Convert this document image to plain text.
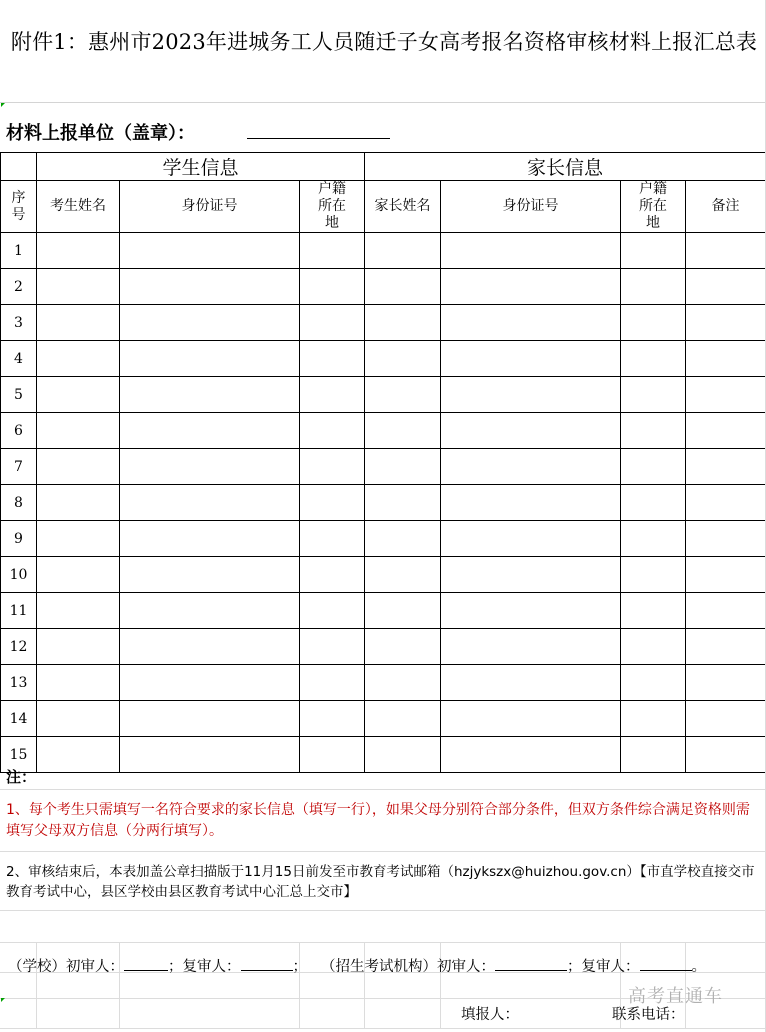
附件1：惠州市2023年进城务工人员随迁子女高考报名资格审核材料上报汇总表
材料上报单位（盖章）：
	学生信息			家长信息			
序号	考生姓名	身份证号	户籍所在地	家长姓名	身份证号	户籍所在地	备注
1							
2							
3							
4							
5							
6							
7							
8							
9							
10							
11							
12							
13							
14							
15							
注：
1、每个考生只需填写一名符合要求的家长信息（填写一行），如果父母分别符合部分条件，但双方条件综合满足资格则需填写父母双方信息（分两行填写）。
2、审核结束后，本表加盖公章扫描版于11月15日前发至市教育考试邮箱（hzjykszx@huizhou.gov.cn）【市直学校直接交市教育考试中心，县区学校由县区教育考试中心汇总上交市】
（学校）初审人：	；复审人：	； （招生考试机构）初审人：	；复审人：	。
高考直通车
填报人：	联系电话：
